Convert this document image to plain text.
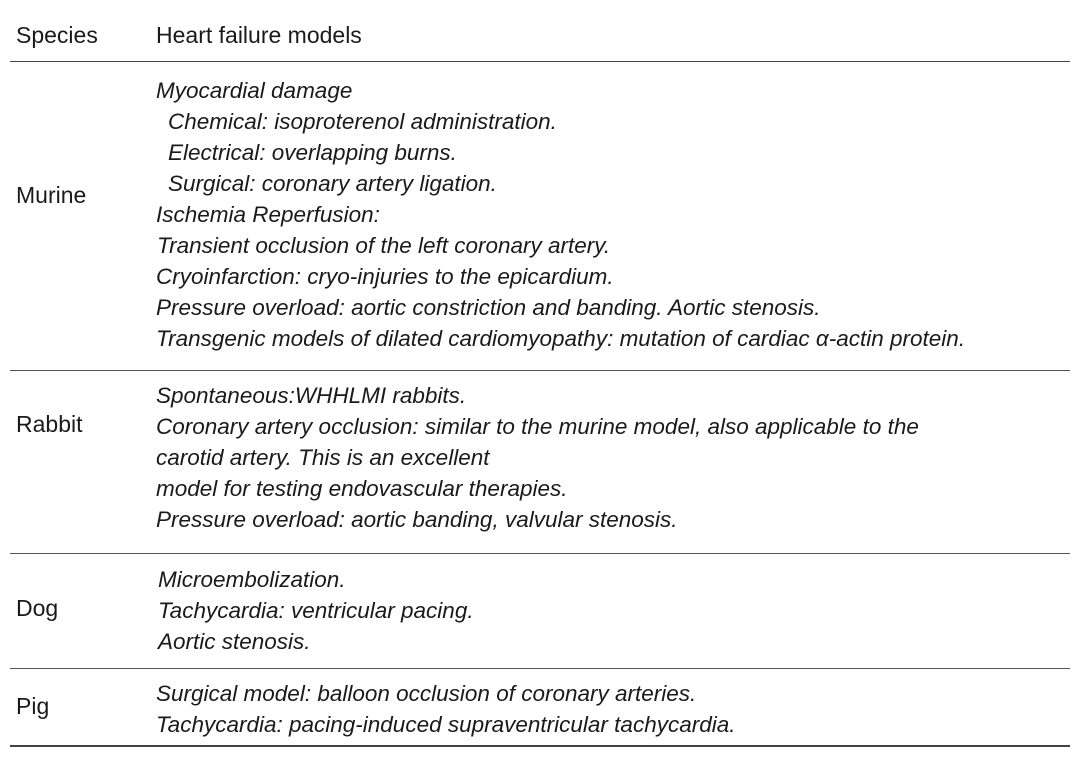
Species	Heart failure models
Murine
Myocardial damage
Chemical: isoproterenol administration.
Electrical: overlapping burns.
Surgical: coronary artery ligation.
Ischemia Reperfusion:
Transient occlusion of the left coronary artery.
Cryoinfarction: cryo-injuries to the epicardium.
Pressure overload: aortic constriction and banding. Aortic stenosis.
Transgenic models of dilated cardiomyopathy: mutation of cardiac α-actin protein.
Rabbit
Spontaneous:WHHLMI rabbits.
Coronary artery occlusion: similar to the murine model, also applicable to the
carotid artery. This is an excellent
model for testing endovascular therapies.
Pressure overload: aortic banding, valvular stenosis.
Dog
Microembolization.
Tachycardia: ventricular pacing.
Aortic stenosis.
Pig	Surgical model: balloon occlusion of coronary arteries.
Tachycardia: pacing-induced supraventricular tachycardia.
